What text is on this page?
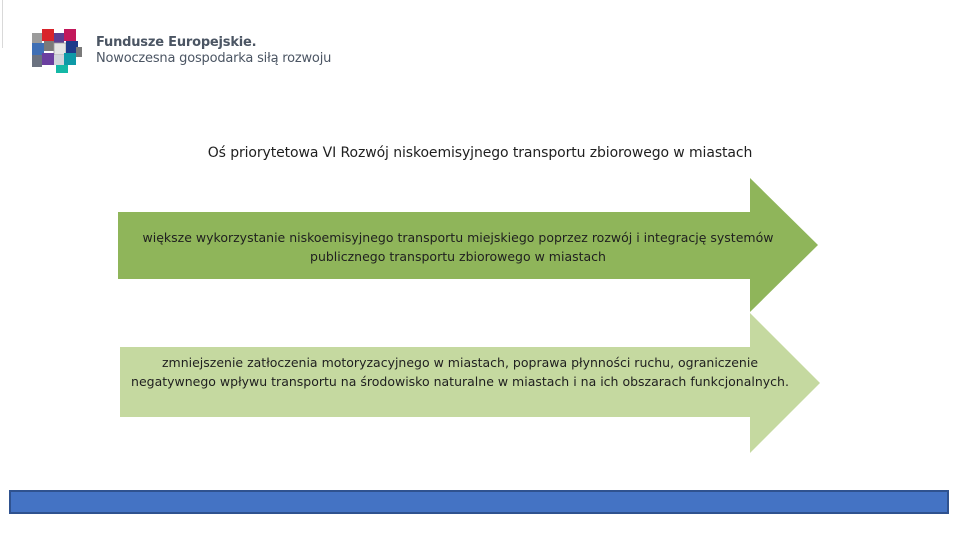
Fundusze Europejskie.
Nowoczesna gospodarka siłą rozwoju
Oś priorytetowa VI Rozwój niskoemisyjnego transportu zbiorowego w miastach
większe wykorzystanie niskoemisyjnego transportu miejskiego poprzez rozwój i integrację systemów publicznego transportu zbiorowego w miastach
zmniejszenie zatłoczenia motoryzacyjnego w miastach, poprawa płynności ruchu, ograniczenie negatywnego wpływu transportu na środowisko naturalne w miastach i na ich obszarach funkcjonalnych.
